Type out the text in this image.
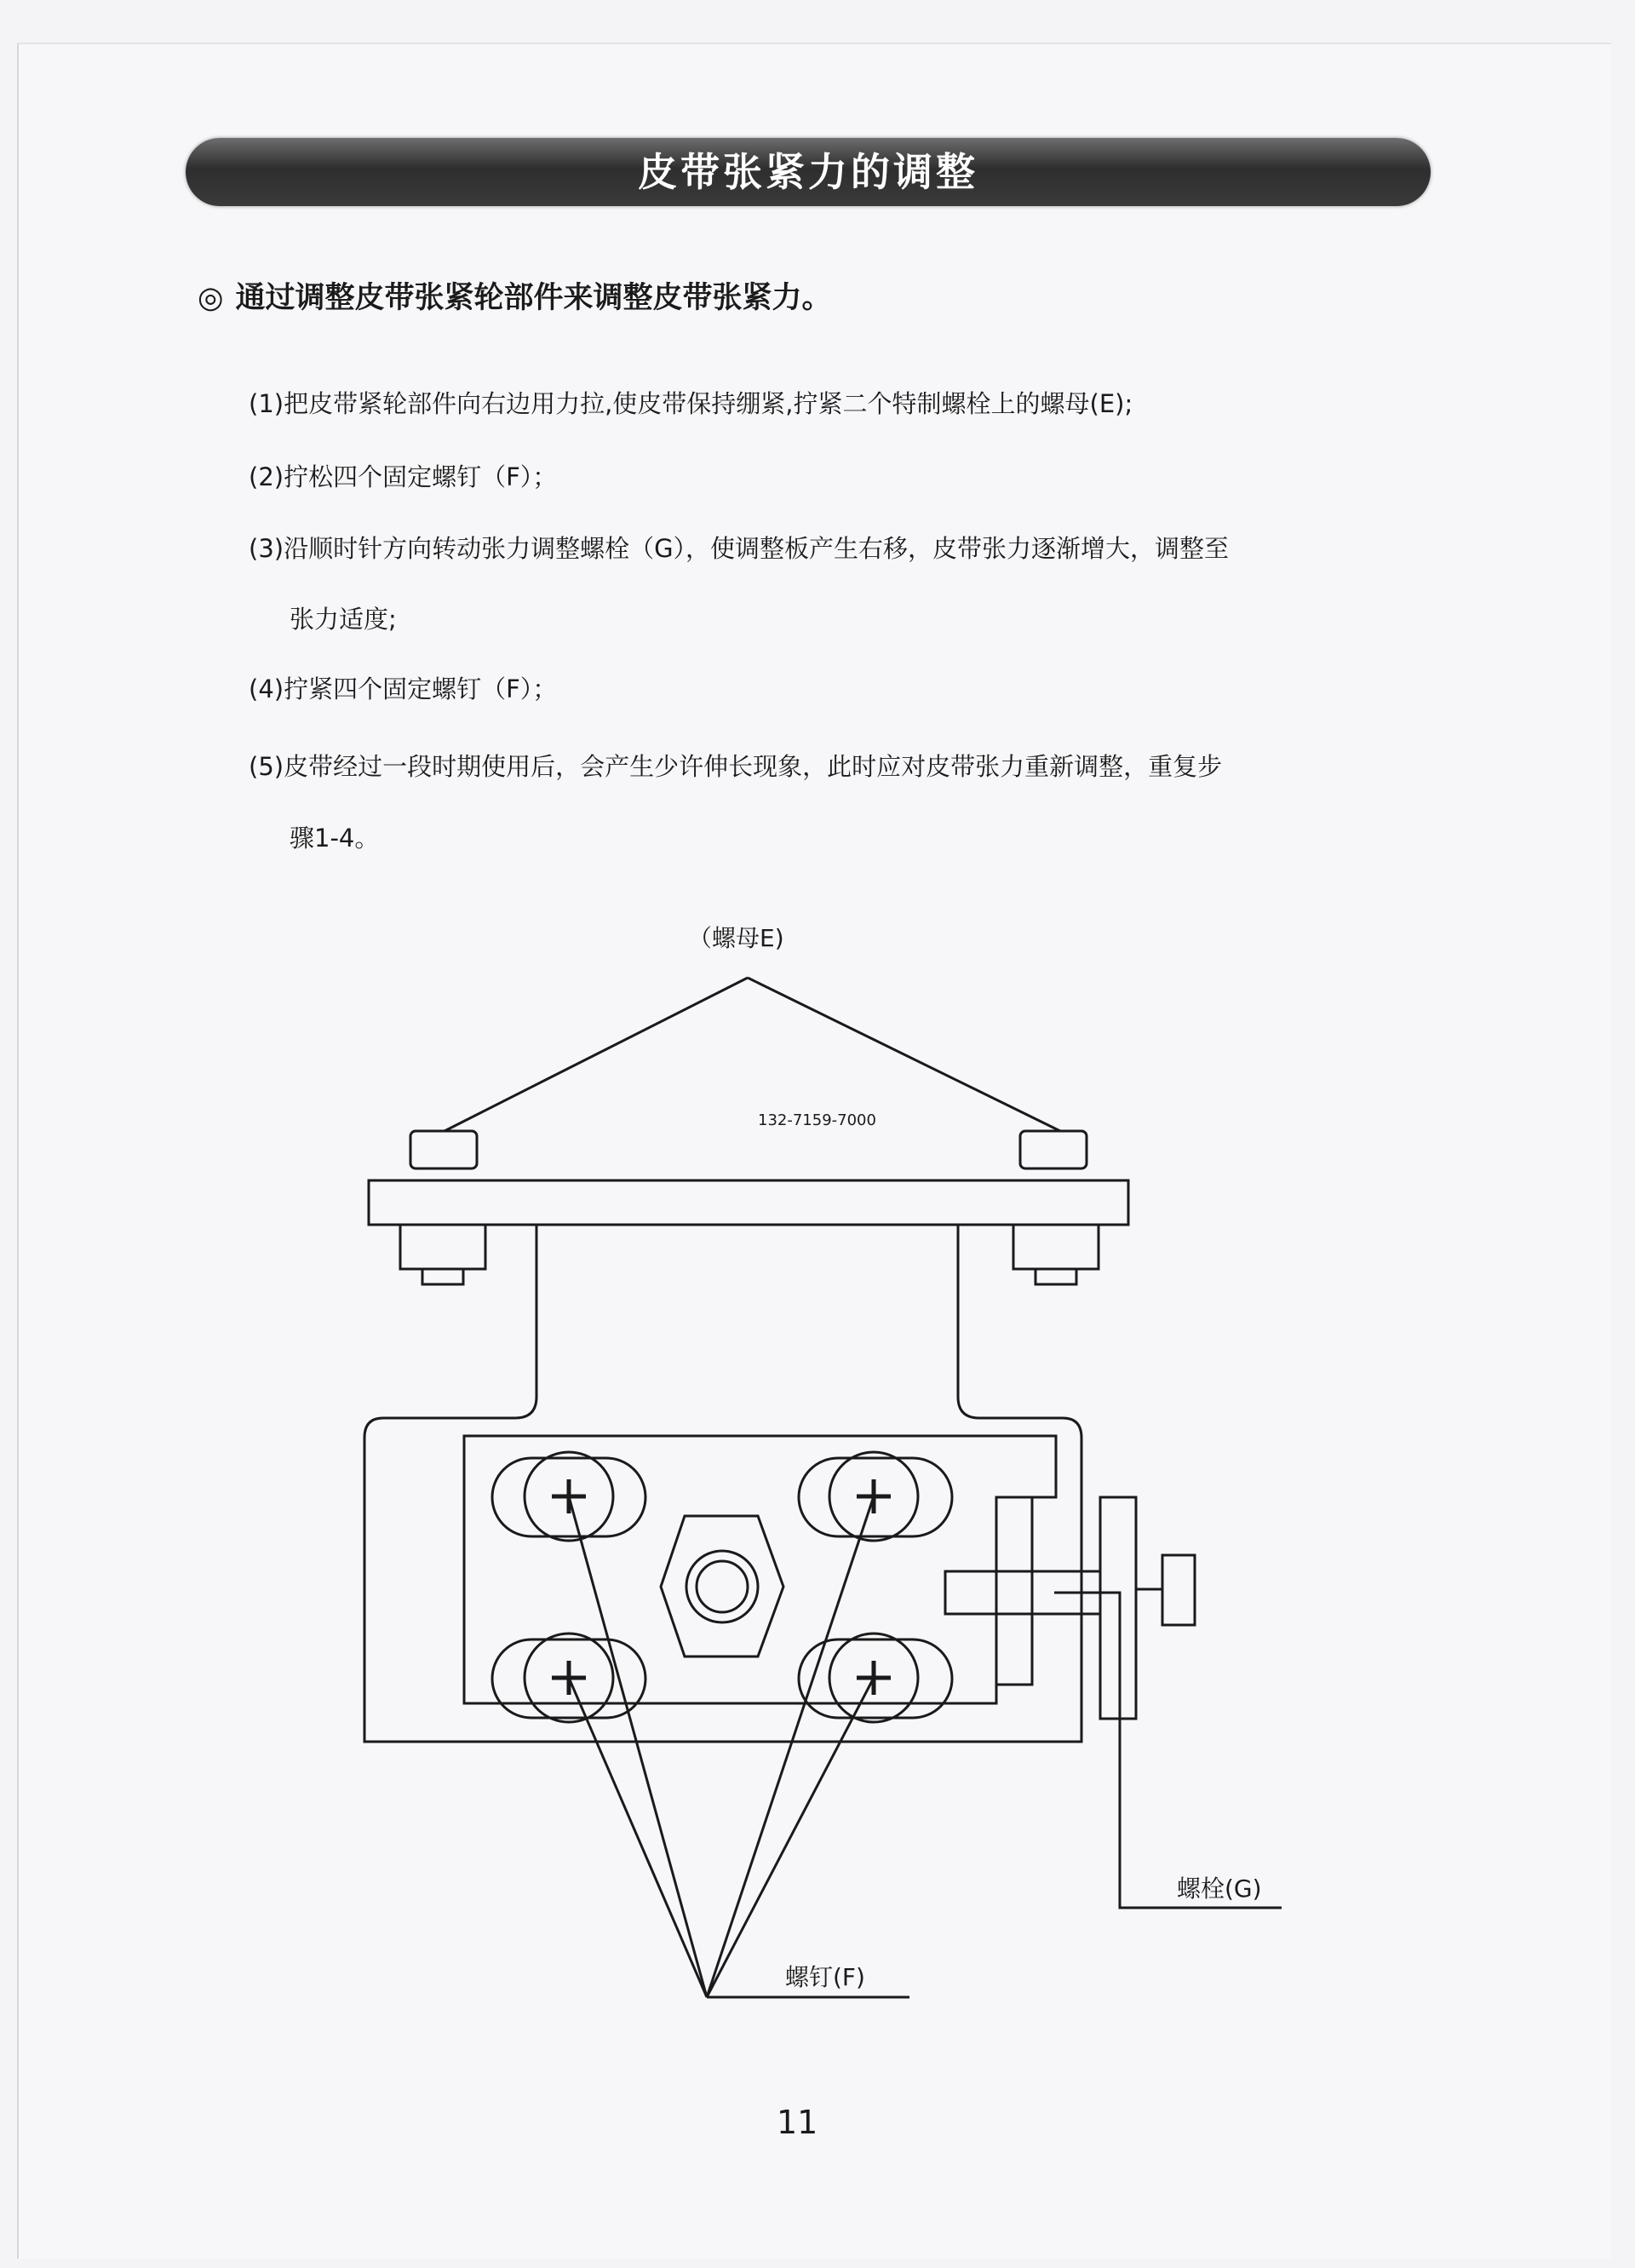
皮带张紧力的调整
◎ 通过调整皮带张紧轮部件来调整皮带张紧力。
(1)把皮带紧轮部件向右边用力拉,使皮带保持绷紧,拧紧二个特制螺栓上的螺母(E);
(2)拧松四个固定螺钉（F）；
(3)沿顺时针方向转动张力调整螺栓（G），使调整板产生右移，皮带张力逐渐增大，调整至
张力适度;
(4)拧紧四个固定螺钉（F）；
(5)皮带经过一段时期使用后，会产生少许伸长现象，此时应对皮带张力重新调整，重复步
骤1-4。
（螺母E)
132-7159-7000
螺栓(G)
螺钉(F)
11
